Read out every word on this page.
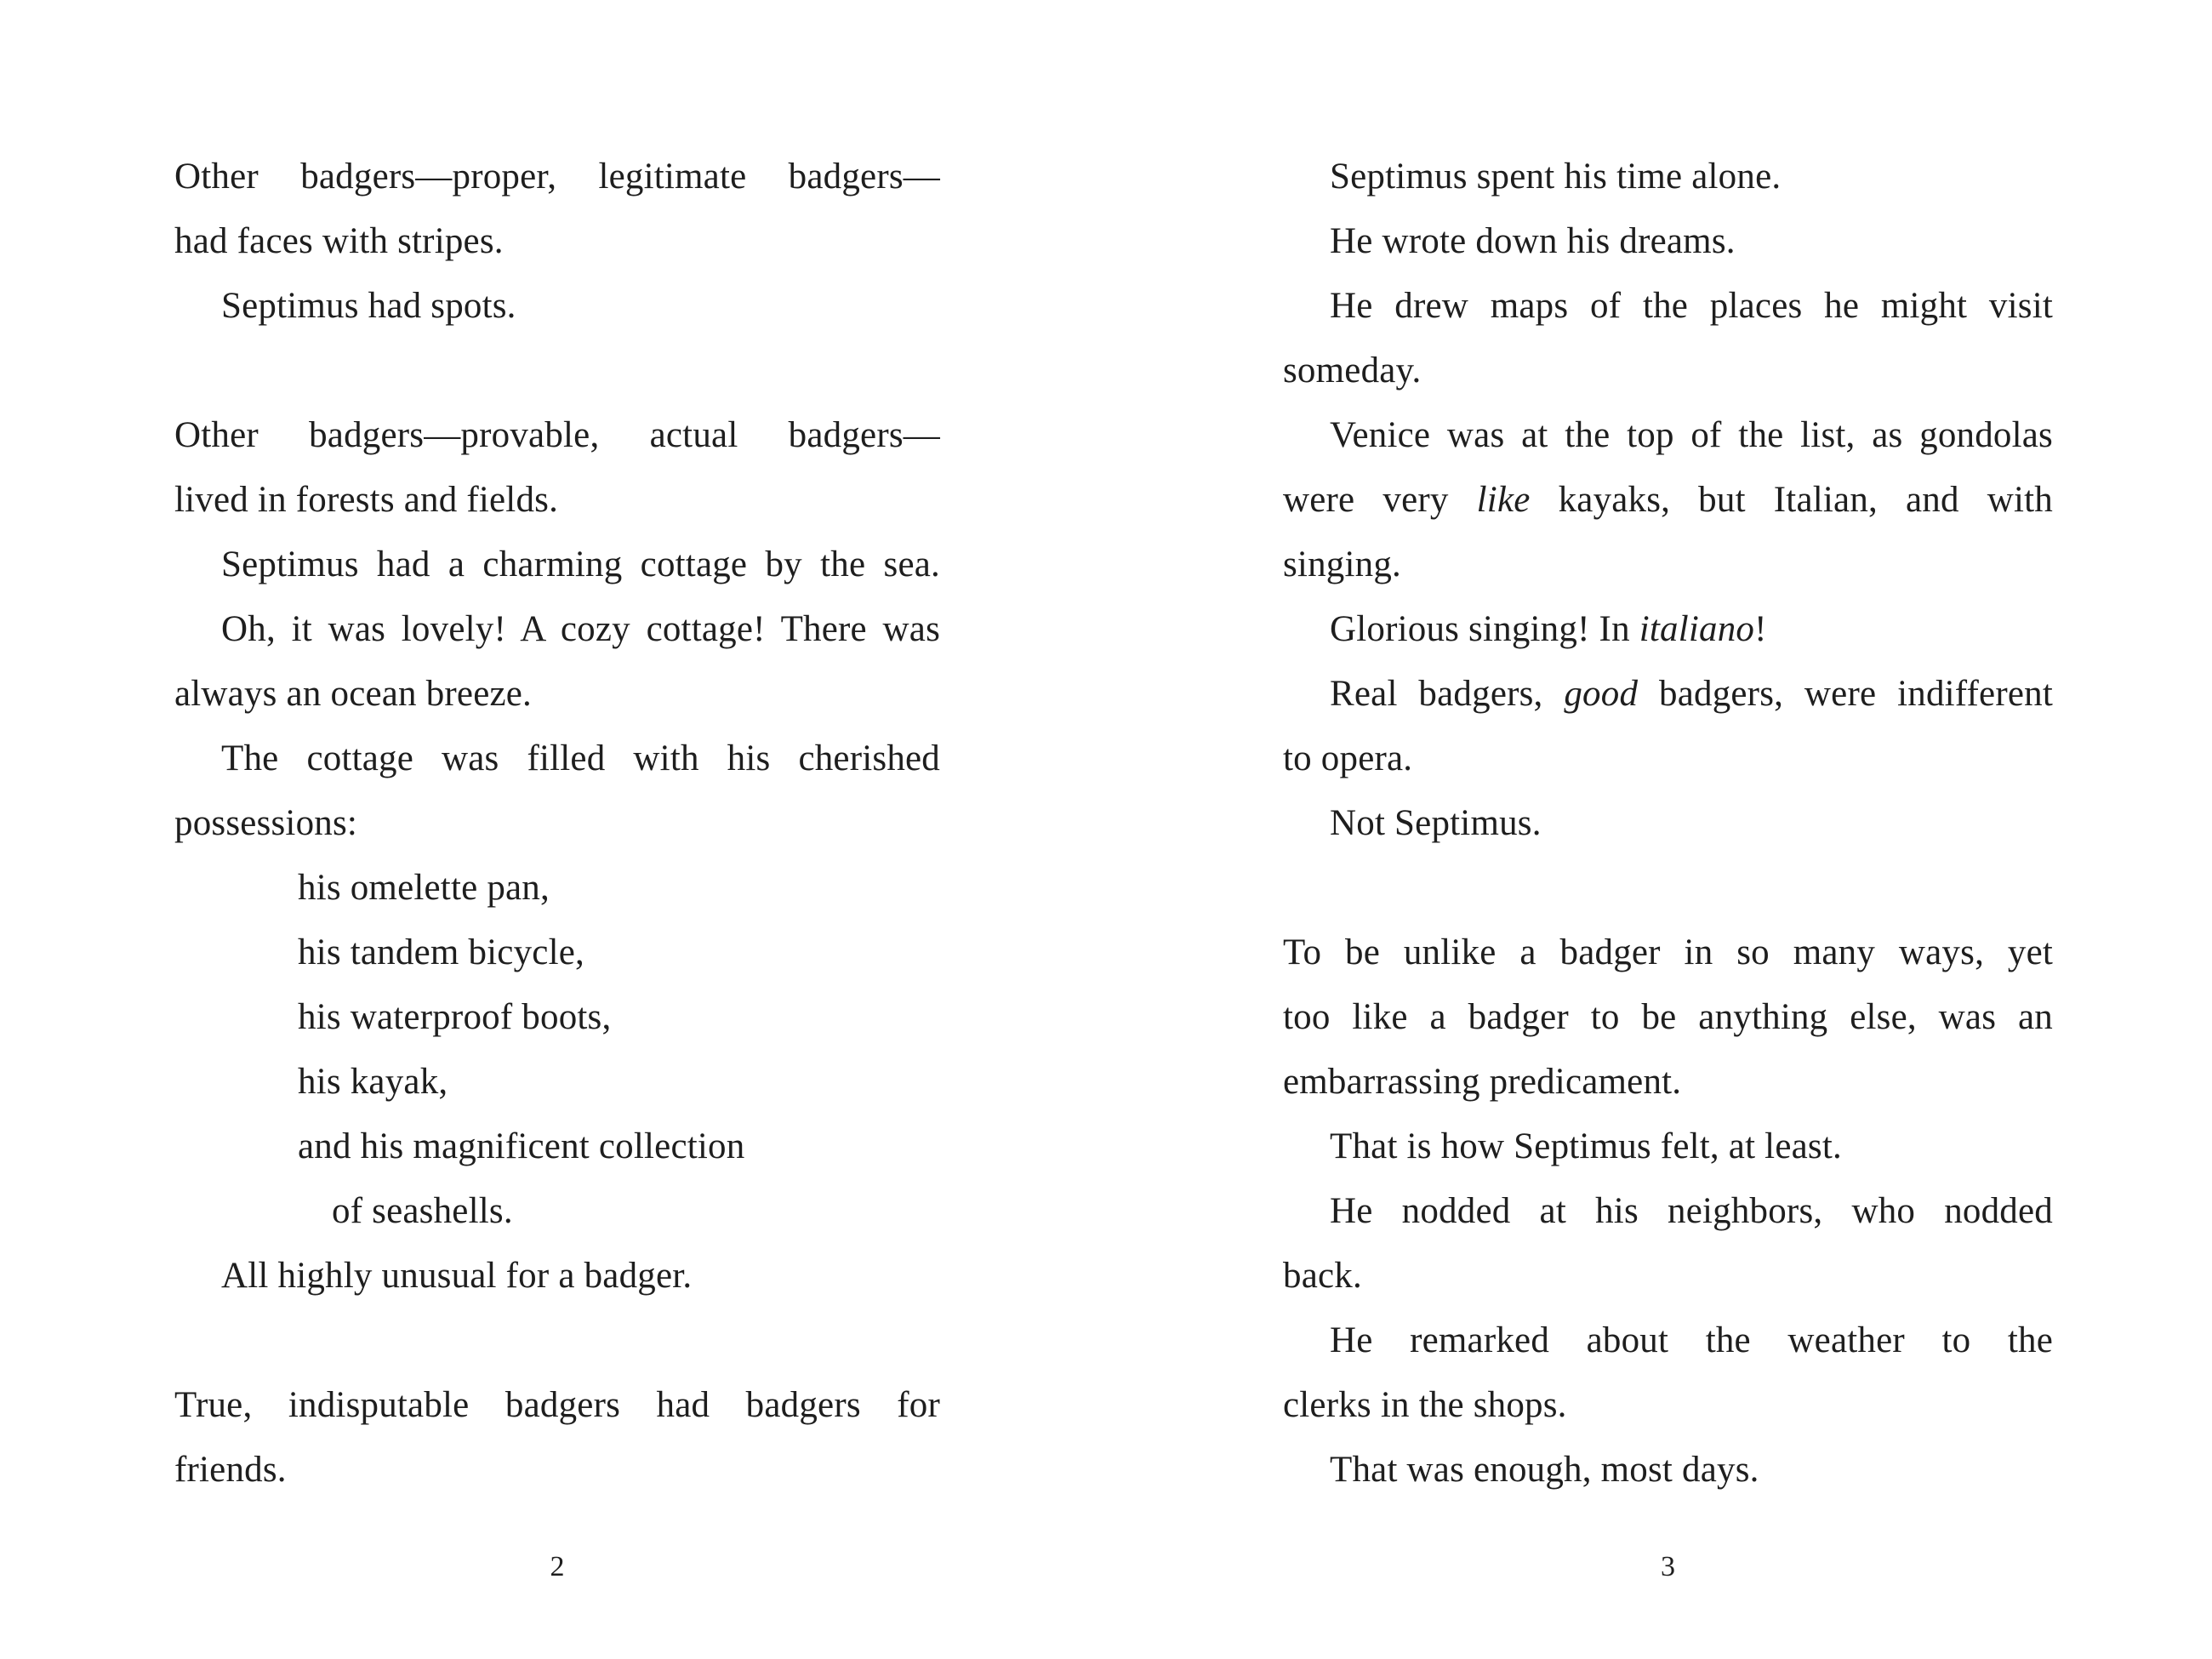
Other badgers—proper, legitimate badgers—
had faces with stripes.
Septimus had spots.
Other badgers—provable, actual badgers—
lived in forests and fields.
Septimus had a charming cottage by the sea.
Oh, it was lovely! A cozy cottage! There was
always an ocean breeze.
The cottage was filled with his cherished
possessions:
his omelette pan,
his tandem bicycle,
his waterproof boots,
his kayak,
and his magnificent collection
of seashells.
All highly unusual for a badger.
True, indisputable badgers had badgers for
friends.
Septimus spent his time alone.
He wrote down his dreams.
He drew maps of the places he might visit
someday.
Venice was at the top of the list, as gondolas
were very like kayaks, but Italian, and with
singing.
Glorious singing! In italiano!
Real badgers, good badgers, were indifferent
to opera.
Not Septimus.
To be unlike a badger in so many ways, yet
too like a badger to be anything else, was an
embarrassing predicament.
That is how Septimus felt, at least.
He nodded at his neighbors, who nodded
back.
He remarked about the weather to the
clerks in the shops.
That was enough, most days.
2	3
